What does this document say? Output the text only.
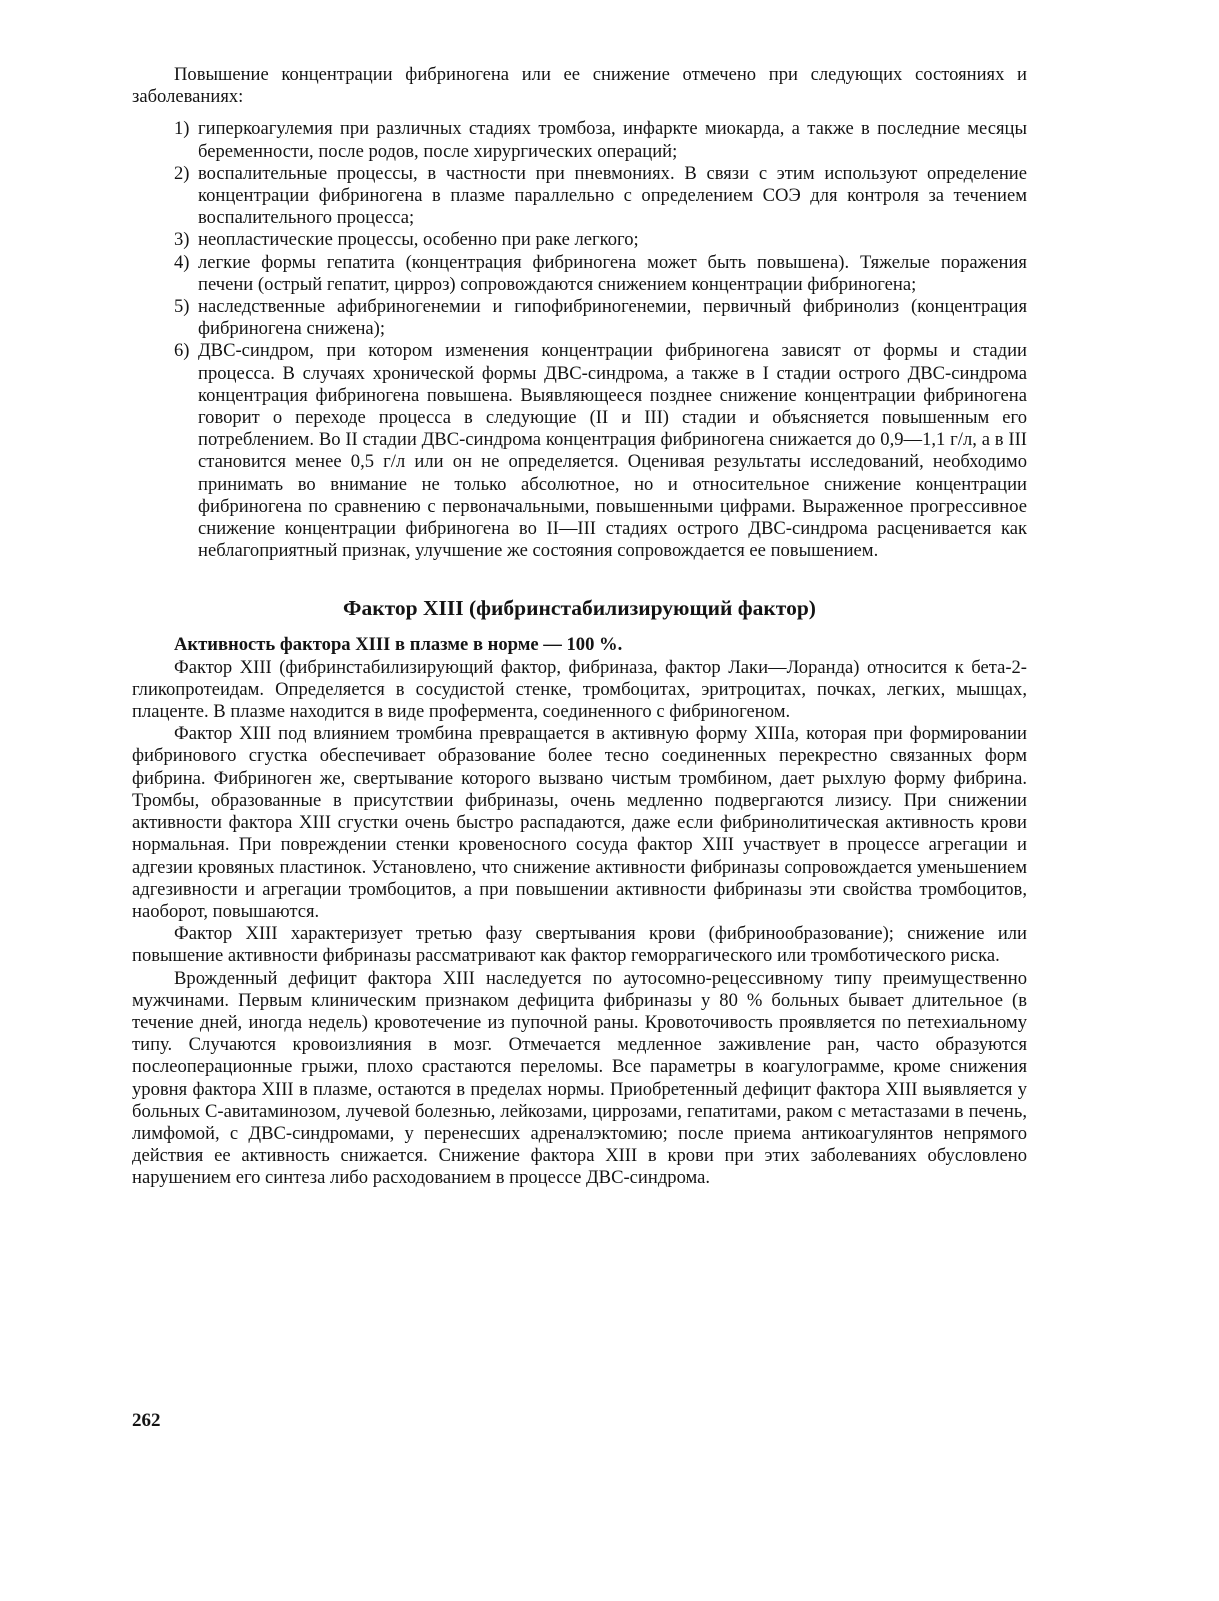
Повышение концентрации фибриногена или ее снижение отмечено при следующих состояниях и заболеваниях:

1) гиперкоагулемия при различных стадиях тромбоза, инфаркте миокарда, а также в последние месяцы беременности, после родов, после хирургических операций;
2) воспалительные процессы, в частности при пневмониях. В связи с этим используют определение концентрации фибриногена в плазме параллельно с определением СОЭ для контроля за течением воспалительного процесса;
3) неопластические процессы, особенно при раке легкого;
4) легкие формы гепатита (концентрация фибриногена может быть повышена). Тяжелые поражения печени (острый гепатит, цирроз) сопровождаются снижением концентрации фибриногена;
5) наследственные афибриногенемии и гипофибриногенемии, первичный фибринолиз (концентрация фибриногена снижена);
6) ДВС-синдром, при котором изменения концентрации фибриногена зависят от формы и стадии процесса. В случаях хронической формы ДВС-синдрома, а также в I стадии острого ДВС-синдрома концентрация фибриногена повышена. Выявляющееся позднее снижение концентрации фибриногена говорит о переходе процесса в следующие (II и III) стадии и объясняется повышенным его потреблением. Во II стадии ДВС-синдрома концентрация фибриногена снижается до 0,9—1,1 г/л, а в III становится менее 0,5 г/л или он не определяется. Оценивая результаты исследований, необходимо принимать во внимание не только абсолютное, но и относительное снижение концентрации фибриногена по сравнению с первоначальными, повышенными цифрами. Выраженное прогрессивное снижение концентрации фибриногена во II—III стадиях острого ДВС-синдрома расценивается как неблагоприятный признак, улучшение же состояния сопровождается ее повышением.
Фактор XIII (фибринстабилизирующий фактор)

Активность фактора XIII в плазме в норме — 100 %.

Фактор XIII (фибринстабилизирующий фактор, фибриназа, фактор Лаки—Лоранда) относится к бета-2-гликопротеидам. Определяется в сосудистой стенке, тромбоцитах, эритроцитах, почках, легких, мышцах, плаценте. В плазме находится в виде профермента, соединенного с фибриногеном.

Фактор XIII под влиянием тромбина превращается в активную форму XIIIa, которая при формировании фибринового сгустка обеспечивает образование более тесно соединенных перекрестно связанных форм фибрина. Фибриноген же, свертывание которого вызвано чистым тромбином, дает рыхлую форму фибрина. Тромбы, образованные в присутствии фибриназы, очень медленно подвергаются лизису. При снижении активности фактора XIII сгустки очень быстро распадаются, даже если фибринолитическая активность крови нормальная. При повреждении стенки кровеносного сосуда фактор XIII участвует в процессе агрегации и адгезии кровяных пластинок. Установлено, что снижение активности фибриназы сопровождается уменьшением адгезивности и агрегации тромбоцитов, а при повышении активности фибриназы эти свойства тромбоцитов, наоборот, повышаются.

Фактор XIII характеризует третью фазу свертывания крови (фибринообразование); снижение или повышение активности фибриназы рассматривают как фактор геморрагического или тромботического риска.

Врожденный дефицит фактора XIII наследуется по аутосомно-рецессивному типу преимущественно мужчинами. Первым клиническим признаком дефицита фибриназы у 80 % больных бывает длительное (в течение дней, иногда недель) кровотечение из пупочной раны. Кровоточивость проявляется по петехиальному типу. Случаются кровоизлияния в мозг. Отмечается медленное заживление ран, часто образуются послеоперационные грыжи, плохо срастаются переломы. Все параметры в коагулограмме, кроме снижения уровня фактора XIII в плазме, остаются в пределах нормы. Приобретенный дефицит фактора XIII выявляется у больных С-авитаминозом, лучевой болезнью, лейкозами, циррозами, гепатитами, раком с метастазами в печень, лимфомой, с ДВС-синдромами, у перенесших адреналэктомию; после приема антикоагулянтов непрямого действия ее активность снижается. Снижение фактора XIII в крови при этих заболеваниях обусловлено нарушением его синтеза либо расходованием в процессе ДВС-синдрома.

262
